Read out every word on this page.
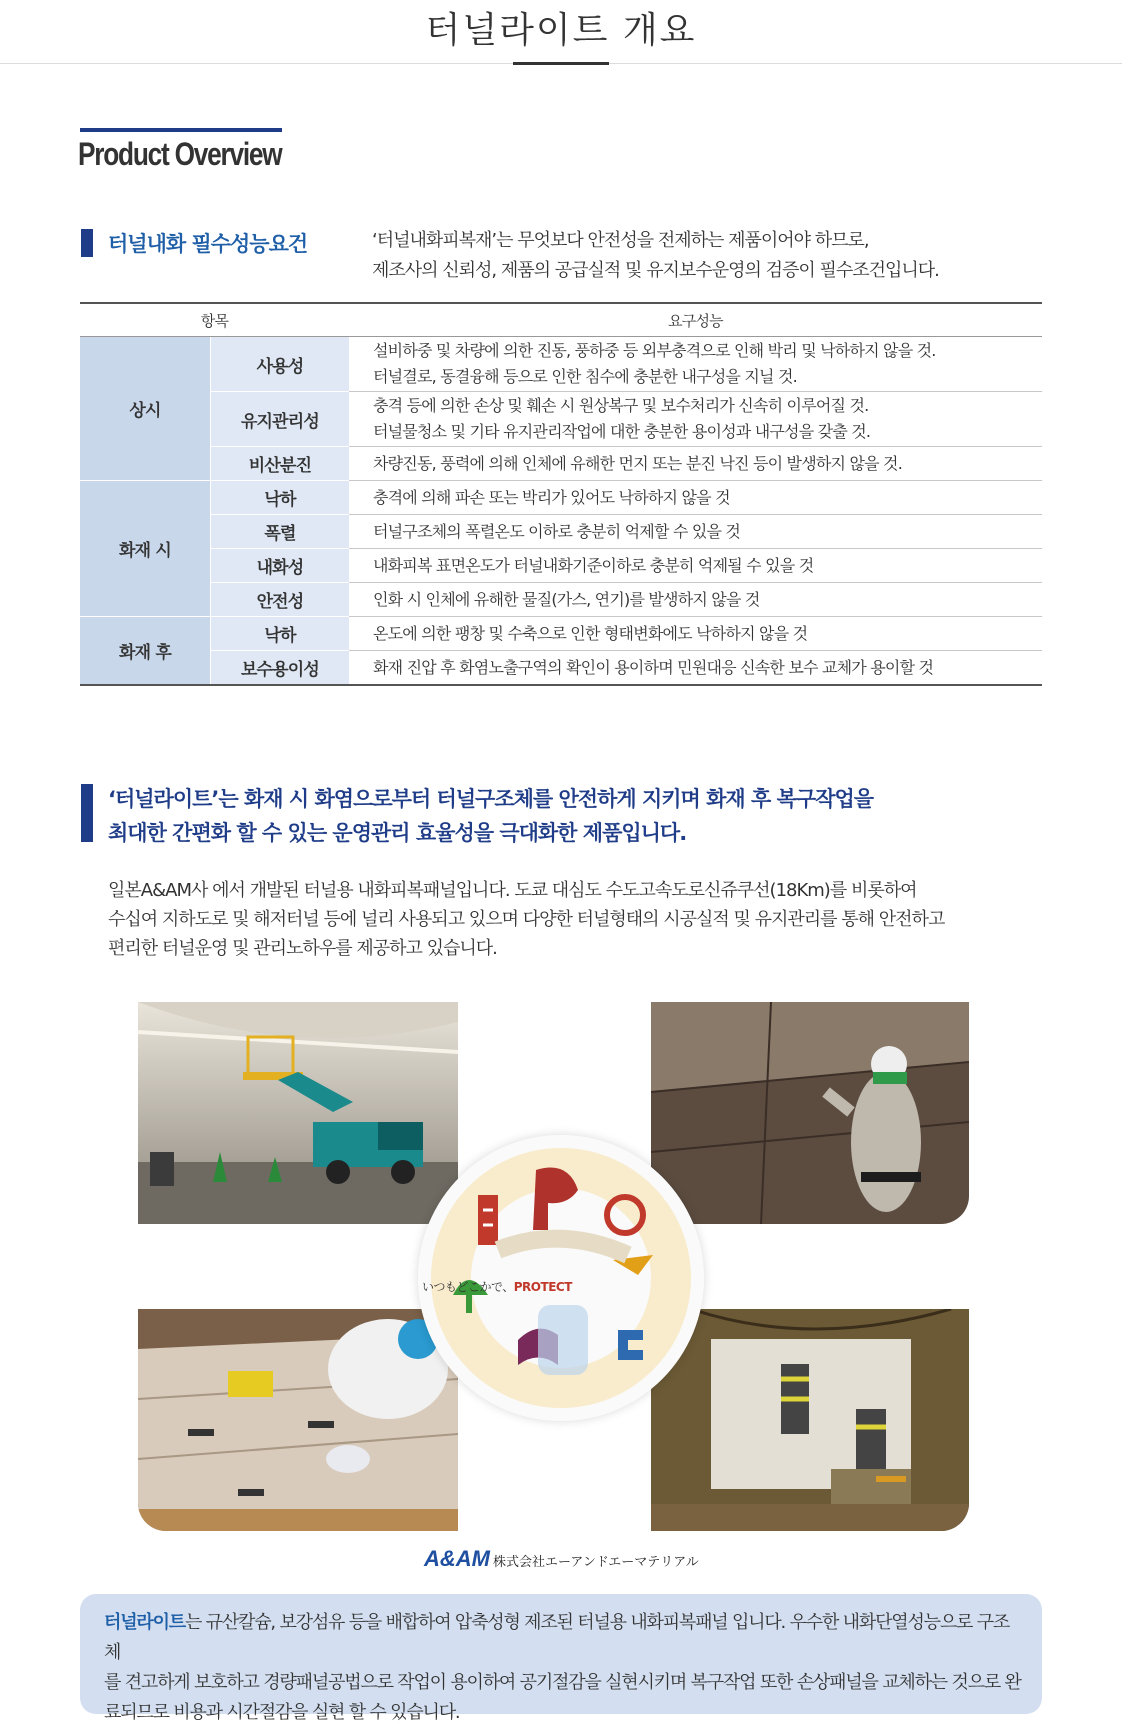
터널라이트 개요
Product Overview
터널내화 필수성능요건	‘터널내화피복재’는 무엇보다 안전성을 전제하는 제품이어야 하므로,
제조사의 신뢰성, 제품의 공급실적 및 유지보수운영의 검증이 필수조건입니다.
항목		요구성능
상시	사용성	설비하중 및 차량에 의한 진동, 풍하중 등 외부충격으로 인해 박리 및 낙하하지 않을 것.
터널결로, 동결융해 등으로 인한 침수에 충분한 내구성을 지닐 것.

	유지관리성	충격 등에 의한 손상 및 훼손 시 원상복구 및 보수처리가 신속히 이루어질 것.
터널물청소 및 기타 유지관리작업에 대한 충분한 용이성과 내구성을 갖출 것.

	비산분진	차량진동, 풍력에 의해 인체에 유해한 먼지 또는 분진 낙진 등이 발생하지 않을 것.
화재 시	낙하	충격에 의해 파손 또는 박리가 있어도 낙하하지 않을 것
	폭렬	터널구조체의 폭렬온도 이하로 충분히 억제할 수 있을 것
	내화성	내화피복 표면온도가 터널내화기준이하로 충분히 억제될 수 있을 것
	안전성	인화 시 인체에 유해한 물질(가스, 연기)를 발생하지 않을 것
화재 후	낙하	온도에 의한 팽창 및 수축으로 인한 형태변화에도 낙하하지 않을 것
	보수용이성	화재 진압 후 화염노출구역의 확인이 용이하며 민원대응 신속한 보수 교체가 용이할 것
‘터널라이트’는 화재 시 화염으로부터 터널구조체를 안전하게 지키며 화재 후 복구작업을
최대한 간편화 할 수 있는 운영관리 효율성을 극대화한 제품입니다.
일본A&AM사 에서 개발된 터널용 내화피복패널입니다. 도쿄 대심도 수도고속도로신쥬쿠선(18Km)를 비롯하여
수십여 지하도로 및 해저터널 등에 널리 사용되고 있으며 다양한 터널형태의 시공실적 및 유지관리를 통해 안전하고
편리한 터널운영 및 관리노하우를 제공하고 있습니다.
いつもどこかで、PROTECT
A&AM 株式会社エーアンドエーマテリアル
터널라이트는 규산칼슘, 보강섬유 등을 배합하여 압축성형 제조된 터널용 내화피복패널 입니다. 우수한 내화단열성능으로 구조체
를 견고하게 보호하고 경량패널공법으로 작업이 용이하여 공기절감을 실현시키며 복구작업 또한 손상패널을 교체하는 것으로 완
료되므로 비용과 시간절감을 실현 할 수 있습니다.
